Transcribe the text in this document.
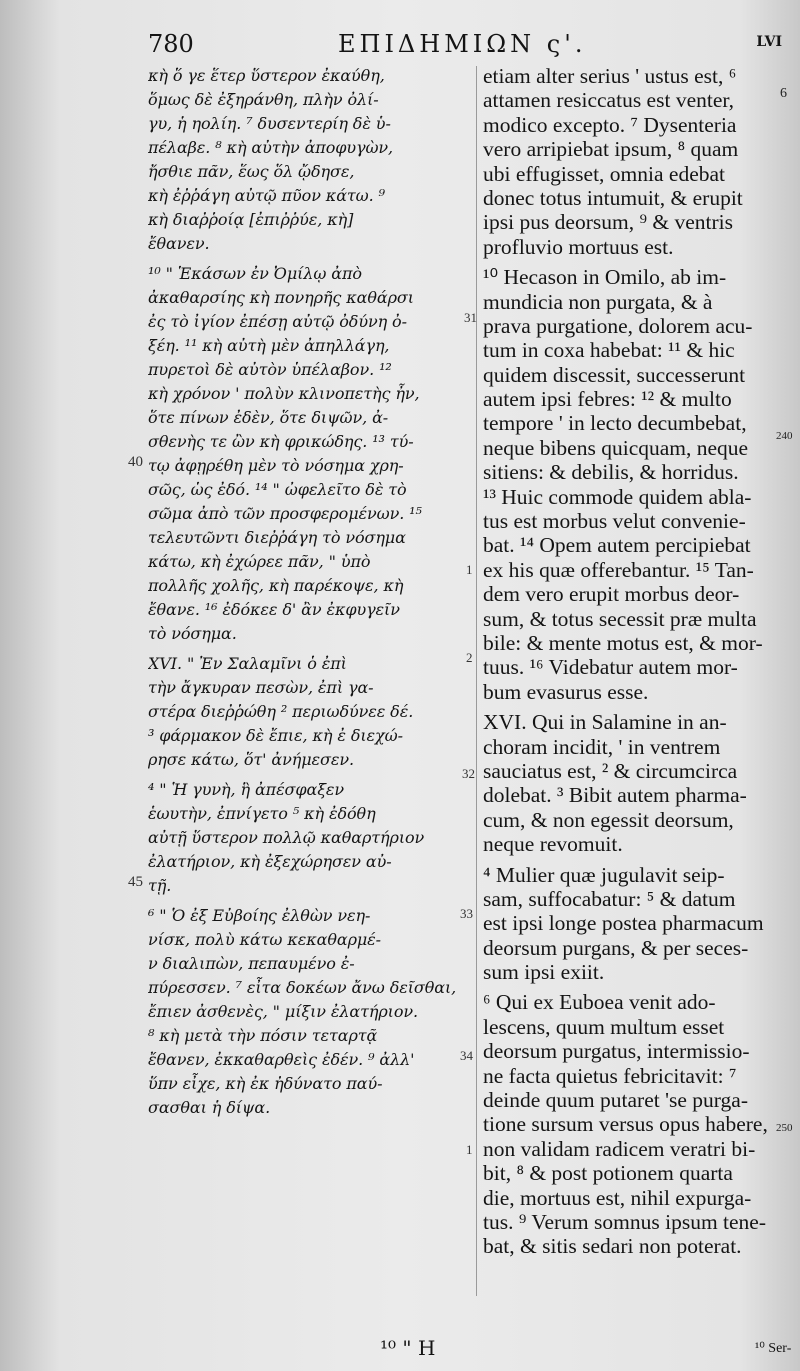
780	ΕΠΙΔΗΜΙΩΝ ς'.	LVI
κὴ ὅ γε ἕτερ ὕστερον ἐκαύθη,
ὅμως δὲ ἐξηράνθη, πλὴν ὀλί-
γυ, ἡ ηολίη. ⁷ δυσεντερίη δὲ ὑ-
πέλαβε. ⁸ κὴ αὐτὴν ἀποφυγὼν,
ἤσθιε πᾶν, ἕως ὅλ ᾤδησε,
κὴ ἐῤῥάγη αὐτῷ πῦον κάτω. ⁹
κὴ διαῤῥοίᾳ [ἐπιῤῥύε, κὴ]
ἔθανεν.
¹⁰ " Ἑκάσων ἐν Ὀμίλῳ ἀπὸ
ἀκαθαρσίης κὴ πονηρῆς καθάρσι
ἐς τὸ ἰγίον ἐπέσῃ αὐτῷ ὀδύνη ὀ-
ξέη. ¹¹ κὴ αὐτὴ μὲν ἀπηλλάγη,
πυρετοὶ δὲ αὐτὸν ὑπέλαβον. ¹²
κὴ χρόνον ' πολὺν κλινοπετὴς ἦν,
ὅτε πίνων ἐδὲν, ὅτε διψῶν, ἀ-
σθενὴς τε ὢν κὴ φρικώδης. ¹³ τύ-
τῳ ἀφῃρέθη μὲν τὸ νόσημα χρη-
σῶς, ὡς ἐδό. ¹⁴ " ὠφελεῖτο δὲ τὸ
σῶμα ἀπὸ τῶν προσφερομένων. ¹⁵
τελευτῶντι διεῤῥάγη τὸ νόσημα
κάτω, κὴ ἐχώρεε πᾶν, " ὑπὸ
πολλῆς χολῆς, κὴ παρέκοψε, κὴ
ἔθανε. ¹⁶ ἐδόκεε δ' ἂν ἐκφυγεῖν
τὸ νόσημα.
XVI. " Ἐν Σαλαμῖνι ὁ ἐπὶ
τὴν ἄγκυραν πεσὼν, ἐπὶ γα-
στέρα διεῤῥώθη ² περιωδύνεε δέ.
³ φάρμακον δὲ ἔπιε, κὴ ἐ διεχώ-
ρησε κάτω, ὅτ' ἀνήμεσεν.
⁴ " Ἡ γυνὴ, ἣ ἀπέσφαξεν
ἑωυτὴν, ἐπνίγετο ⁵ κὴ ἐδόθη
αὐτῇ ὕστερον πολλῷ καθαρτήριον
ἐλατήριον, κὴ ἐξεχώρησεν αὐ-
τῇ.
⁶ " Ὁ ἐξ Εὐβοίης ἐλθὼν νεη-
νίσκ, πολὺ κάτω κεκαθαρμέ-
ν διαλιπὼν, πεπαυμένο ἐ-
πύρεσσεν. ⁷ εἶτα δοκέων ἄνω δεῖσθαι,
ἔπιεν ἀσθενὲς, " μίξιν ἐλατήριον.
⁸ κὴ μετὰ τὴν πόσιν τεταρτᾷ
ἔθανεν, ἐκκαθαρθεὶς ἐδέν. ⁹ ἀλλ'
ὕπν εἶχε, κὴ ἐκ ἠδύνατο παύ-
σασθαι ἡ δίψα.
etiam alter serius ' ustus est, ⁶
attamen resiccatus est venter,
modico excepto. ⁷ Dysenteria
vero arripiebat ipsum, ⁸ quam
ubi effugisset, omnia edebat
donec totus intumuit, & erupit
ipsi pus deorsum, ⁹ & ventris
profluvio mortuus est.
¹⁰ Hecason in Omilo, ab im-
mundicia non purgata, & à
prava purgatione, dolorem acu-
tum in coxa habebat: ¹¹ & hic
quidem discessit, successerunt
autem ipsi febres: ¹² & multo
tempore ' in lecto decumbebat,
neque bibens quicquam, neque
sitiens: & debilis, & horridus.
¹³ Huic commode quidem abla-
tus est morbus velut convenie-
bat. ¹⁴ Opem autem percipiebat
ex his quæ offerebantur. ¹⁵ Tan-
dem vero erupit morbus deor-
sum, & totus secessit præ multa
bile: & mente motus est, & mor-
tuus. ¹⁶ Videbatur autem mor-
bum evasurus esse.
XVI. Qui in Salamine in an-
choram incidit, ' in ventrem
sauciatus est, ² & circumcirca
dolebat. ³ Bibit autem pharma-
cum, & non egessit deorsum,
neque revomuit.
⁴ Mulier quæ jugulavit seip-
sam, suffocabatur: ⁵ & datum
est ipsi longe postea pharmacum
deorsum purgans, & per seces-
sum ipsi exiit.
⁶ Qui ex Euboea venit ado-
lescens, quum multum esset
deorsum purgatus, intermissio-
ne facta quietus febricitavit: ⁷
deinde quum putaret 'se purga-
tione sursum versus opus habere,
non validam radicem veratri bi-
bit, ⁸ & post potionem quarta
die, mortuus est, nihil expurga-
tus. ⁹ Verum somnus ipsum tene-
bat, & sitis sedari non poterat.
31
40
1
2
32
45
33
34
1
6
240
250
¹⁰ " Η	¹⁰ Ser-
